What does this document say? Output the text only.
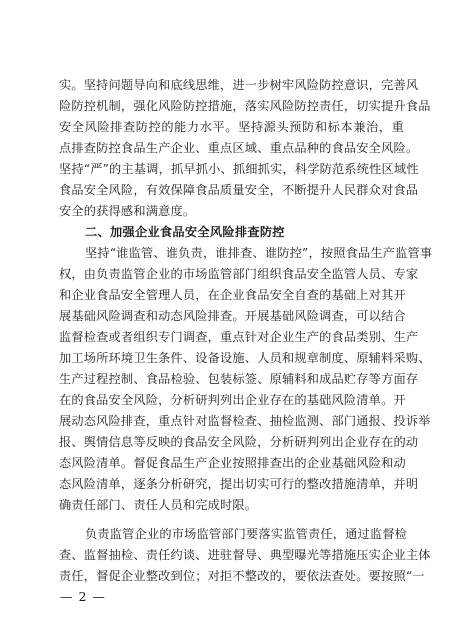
实。坚持问题导向和底线思维，进一步树牢风险防控意识，完善风
险防控机制，强化风险防控措施，落实风险防控责任，切实提升食品
安全风险排查防控的能力水平。坚持源头预防和标本兼治，重
点排查防控食品生产企业、重点区域、重点品种的食品安全风险。
坚持“严”的主基调，抓早抓小、抓细抓实，科学防范系统性区域性
食品安全风险，有效保障食品质量安全，不断提升人民群众对食品
安全的获得感和满意度。
二、加强企业食品安全风险排查防控
坚持“谁监管、谁负责，谁排查、谁防控”，按照食品生产监管事
权，由负责监管企业的市场监管部门组织食品安全监管人员、专家
和企业食品安全管理人员，在企业食品安全自查的基础上对其开
展基础风险调查和动态风险排查。开展基础风险调查，可以结合
监督检查或者组织专门调查，重点针对企业生产的食品类别、生产
加工场所环境卫生条件、设备设施、人员和规章制度、原辅料采购、
生产过程控制、食品检验、包装标签、原辅料和成品贮存等方面存
在的食品安全风险，分析研判列出企业存在的基础风险清单。开
展动态风险排查，重点针对监督检查、抽检监测、部门通报、投诉举
报、舆情信息等反映的食品安全风险，分析研判列出企业存在的动
态风险清单。督促食品生产企业按照排查出的企业基础风险和动
态风险清单，逐条分析研究，提出切实可行的整改措施清单，并明
确责任部门、责任人员和完成时限。
负责监管企业的市场监管部门要落实监管责任，通过监督检
查、监督抽检、责任约谈、进驻督导、典型曝光等措施压实企业主体
责任，督促企业整改到位；对拒不整改的，要依法查处。要按照“一
— 2 —
